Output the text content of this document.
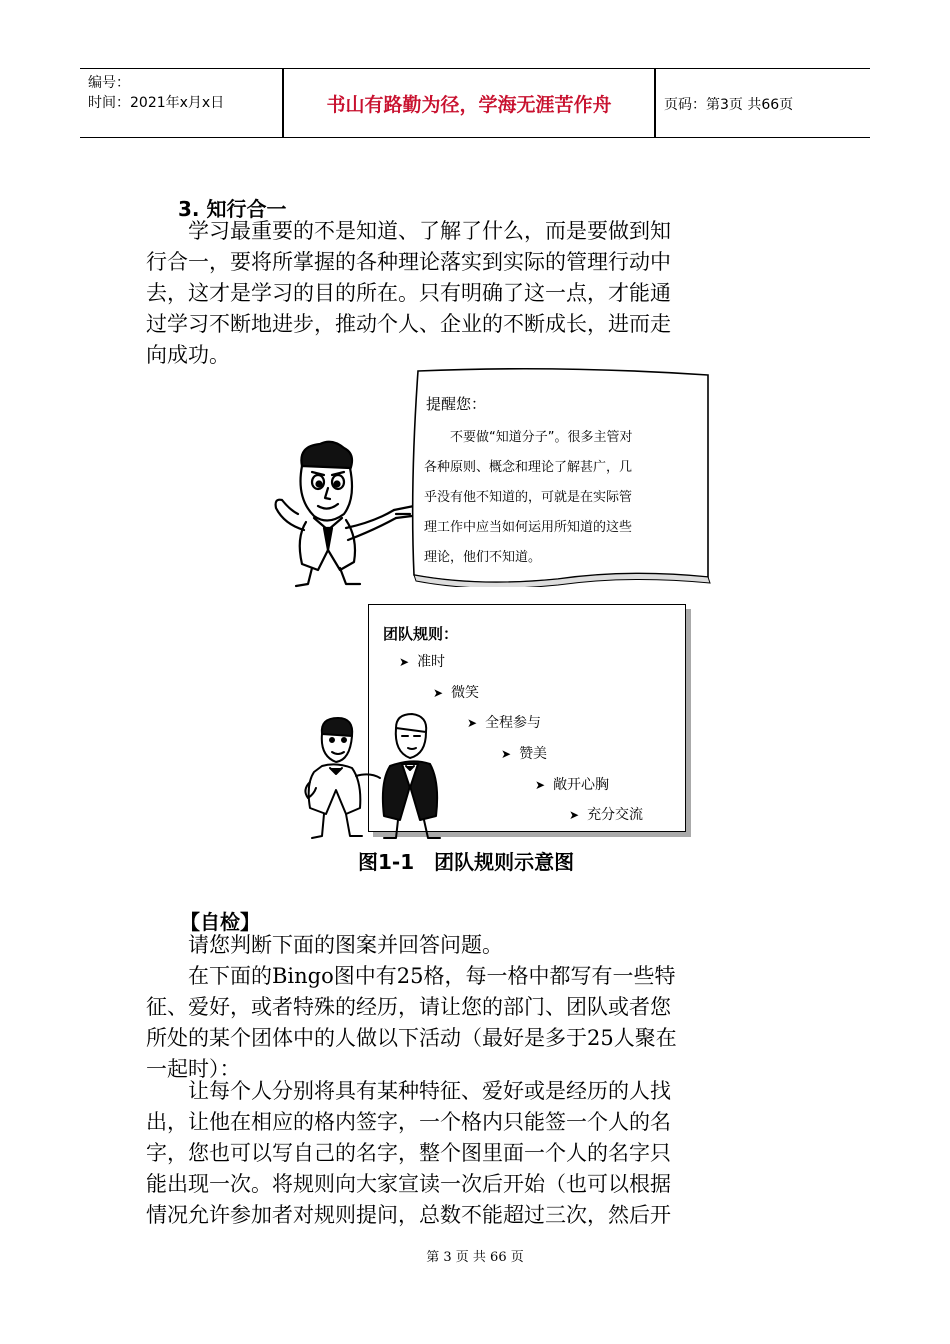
编号：
时间：2021年x月x日	书山有路勤为径，学海无涯苦作舟	页码：第3页 共66页
3. 知行合一
　　学习最重要的不是知道、了解了什么，而是要做到知
行合一，要将所掌握的各种理论落实到实际的管理行动中
去，这才是学习的目的所在。只有明确了这一点，才能通
过学习不断地进步，推动个人、企业的不断成长，进而走
向成功。
提醒您：
　　不要做“知道分子”。很多主管对
各种原则、概念和理论了解甚广，几
乎没有他不知道的，可就是在实际管
理工作中应当如何运用所知道的这些
理论，他们不知道。
团队规则：
➤ 准时
➤ 微笑
➤ 全程参与
➤ 赞美
➤ 敞开心胸
➤ 充分交流
图1-1　团队规则示意图
【自检】
　　请您判断下面的图案并回答问题。
　　在下面的Bingo图中有25格，每一格中都写有一些特
征、爱好，或者特殊的经历，请让您的部门、团队或者您
所处的某个团体中的人做以下活动（最好是多于25人聚在
一起时）：
　　让每个人分别将具有某种特征、爱好或是经历的人找
出，让他在相应的格内签字，一个格内只能签一个人的名
字，您也可以写自己的名字，整个图里面一个人的名字只
能出现一次。将规则向大家宣读一次后开始（也可以根据
情况允许参加者对规则提问，总数不能超过三次，然后开
第 3 页 共 66 页
